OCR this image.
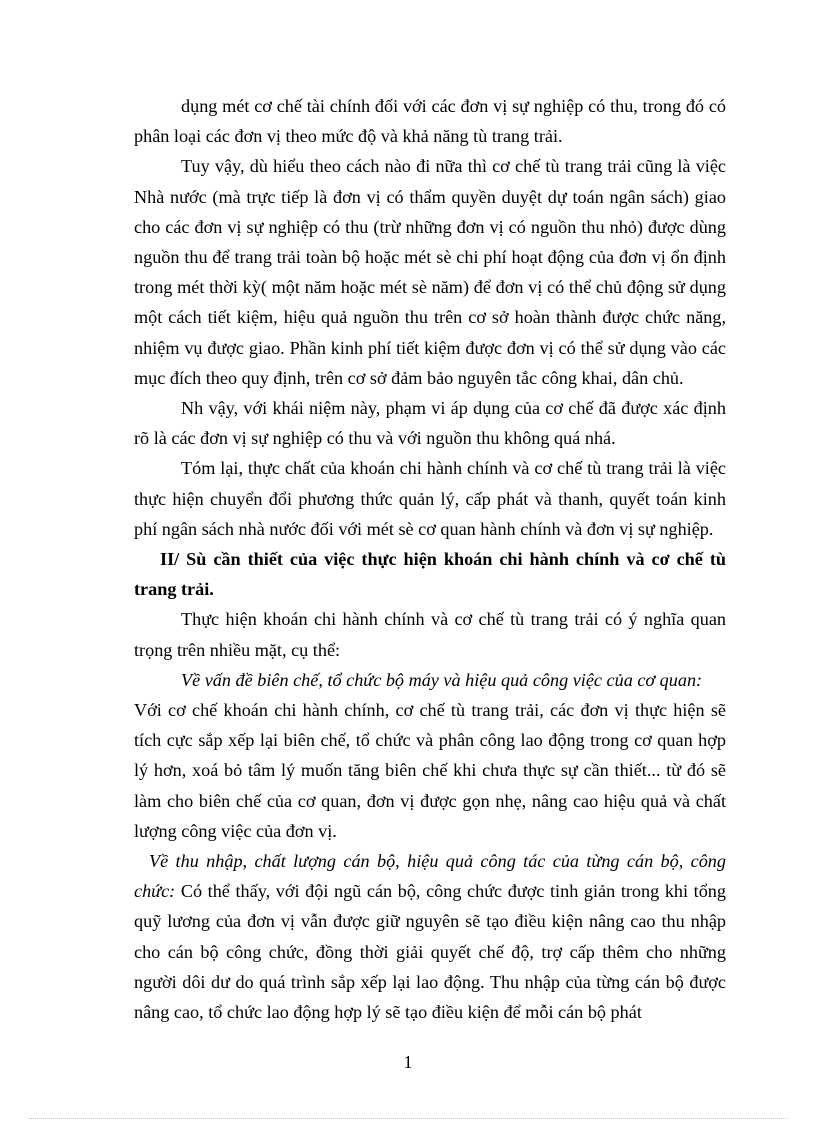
dụng mét cơ chế tài chính đối với các đơn vị sự nghiệp có thu, trong đó có phân loại các đơn vị theo mức độ và khả năng tù trang trải.

Tuy vậy, dù hiểu theo cách nào đi nữa thì cơ chế tù trang trải cũng là việc Nhà nước (mà trực tiếp là đơn vị có thẩm quyền duyệt dự toán ngân sách) giao cho các đơn vị sự nghiệp có thu (trừ những đơn vị có nguồn thu nhỏ) được dùng nguồn thu để trang trải toàn bộ hoặc mét sè chi phí hoạt động của đơn vị ổn định trong mét thời kỳ( một năm hoặc mét sè năm) để đơn vị có thể chủ động sử dụng một cách tiết kiệm, hiệu quả nguồn thu trên cơ sở hoàn thành được chức năng, nhiệm vụ được giao. Phần kinh phí tiết kiệm được đơn vị có thể sử dụng vào các mục đích theo quy định, trên cơ sở đảm bảo nguyên tắc công khai, dân chủ.

Nh vậy, với khái niệm này, phạm vi áp dụng của cơ chế đã được xác định rõ là các đơn vị sự nghiệp có thu và với nguồn thu không quá nhá.

Tóm lại, thực chất của khoán chi hành chính và cơ chế tù trang trải là việc thực hiện chuyển đổi phương thức quản lý, cấp phát và thanh, quyết toán kinh phí ngân sách nhà nước đối với mét sè cơ quan hành chính và đơn vị sự nghiệp.

II/ Sù cần thiết của việc thực hiện khoán chi hành chính và cơ chế tù trang trải.

Thực hiện khoán chi hành chính và cơ chế tù trang trải có ý nghĩa quan trọng trên nhiều mặt, cụ thể:

Về vấn đề biên chế, tổ chức bộ máy và hiệu quả công việc của cơ quan:

Với cơ chế khoán chi hành chính, cơ chế tù trang trải, các đơn vị thực hiện sẽ tích cực sắp xếp lại biên chế, tổ chức và phân công lao động trong cơ quan hợp lý hơn, xoá bỏ tâm lý muốn tăng biên chế khi chưa thực sự cần thiết... từ đó sẽ làm cho biên chế của cơ quan, đơn vị được gọn nhẹ, nâng cao hiệu quả và chất lượng công việc của đơn vị.

Về thu nhập, chất lượng cán bộ, hiệu quả công tác của từng cán bộ, công chức: Có thể thấy, với đội ngũ cán bộ, công chức được tinh giản trong khi tổng quỹ lương của đơn vị vẫn được giữ nguyên sẽ tạo điều kiện nâng cao thu nhập cho cán bộ công chức, đồng thời giải quyết chế độ, trợ cấp thêm cho những người dôi dư do quá trình sắp xếp lại lao động. Thu nhập của từng cán bộ được nâng cao, tổ chức lao động hợp lý sẽ tạo điều kiện để mỗi cán bộ phát

1
